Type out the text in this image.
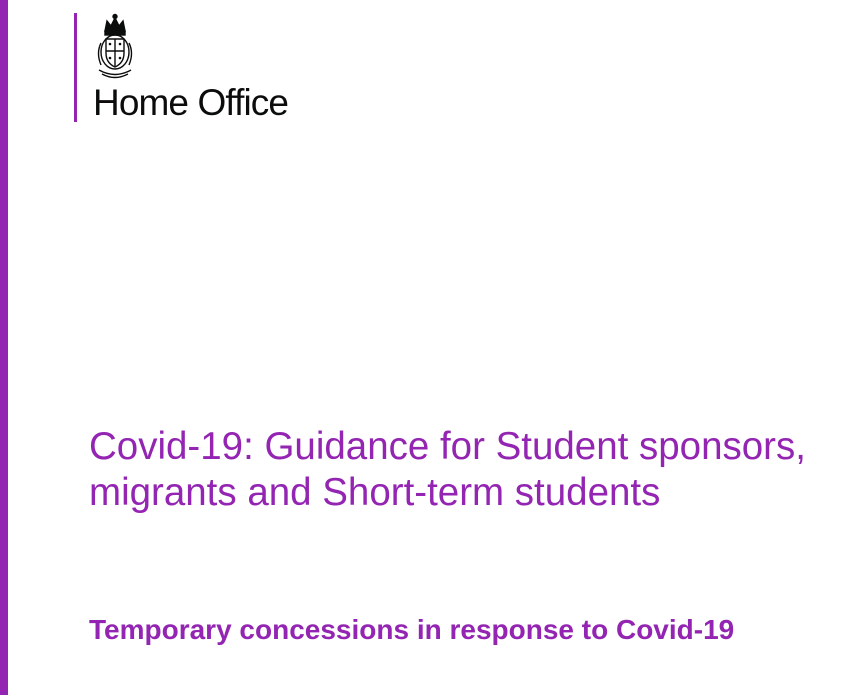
Home Office

Covid-19: Guidance for Student sponsors, migrants and Short-term students
Temporary concessions in response to Covid-19
